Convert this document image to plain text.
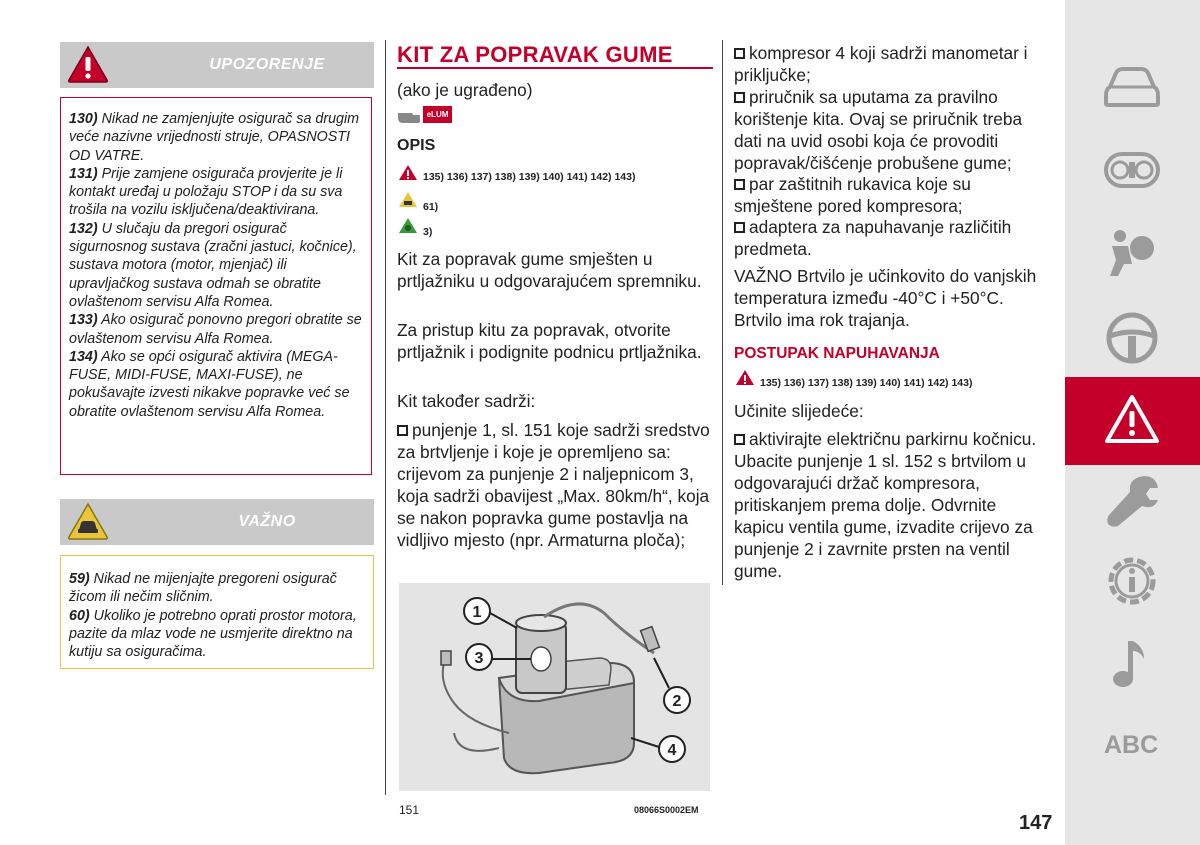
UPOZORENJE

130) Nikad ne zamjenjujte osigurač sa drugim veće nazivne vrijednosti struje, OPASNOSTI OD VATRE.

131) Prije zamjene osigurača provjerite je li kontakt uređaj u položaju STOP i da su sva trošila na vozilu isključena/deaktivirana.

132) U slučaju da pregori osigurač sigurnosnog sustava (zračni jastuci, kočnice), sustava motora (motor, mjenjač) ili upravljačkog sustava odmah se obratite ovlaštenom servisu Alfa Romea.

133) Ako osigurač ponovno pregori obratite se ovlaštenom servisu Alfa Romea.

134) Ako se opći osigurač aktivira (MEGA-FUSE, MIDI-FUSE, MAXI-FUSE), ne pokušavajte izvesti nikakve popravke već se obratite ovlaštenom servisu Alfa Romea.

VAŽNO

59) Nikad ne mijenjajte pregoreni osigurač žicom ili nečim sličnim.

60) Ukoliko je potrebno oprati prostor motora, pazite da mlaz vode ne usmjerite direktno na kutiju sa osiguračima.

KIT ZA POPRAVAK GUME
(ako je ugrađeno)
eLUM
OPIS
135) 136) 137) 138) 139) 140) 141) 142) 143)
61)
3)
Kit za popravak gume smješten u prtljažniku u odgovarajućem spremniku.
Za pristup kitu za popravak, otvorite prtljažnik i podignite podnicu prtljažnika.
Kit također sadrži:
punjenje 1, sl. 151 koje sadrži sredstvo za brtvljenje i koje je opremljeno sa: crijevom za punjenje 2 i naljepnicom 3, koja sadrži obavijest „Max. 80km/h“, koja se nakon popravka gume postavlja na vidljivo mjesto (npr. Armaturna ploča);
1
3
2
4
151	08066S0002EM
kompresor 4 koji sadrži manometar i priključke;
priručnik sa uputama za pravilno korištenje kita. Ovaj se priručnik treba dati na uvid osobi koja će provoditi popravak/čišćenje probušene gume;
par zaštitnih rukavica koje su smještene pored kompresora;
adaptera za napuhavanje različitih predmeta.
VAŽNO Brtvilo je učinkovito do vanjskih temperatura između -40°C i +50°C. Brtvilo ima rok trajanja.
POSTUPAK NAPUHAVANJA
135) 136) 137) 138) 139) 140) 141) 142) 143)
Učinite slijedeće:
aktivirajte električnu parkirnu kočnicu. Ubacite punjenje 1 sl. 152 s brtvilom u odgovarajući držač kompresora, pritiskanjem prema dolje. Odvrnite kapicu ventila gume, izvadite crijevo za punjenje 2 i zavrnite prsten na ventil gume.
147
ABC
